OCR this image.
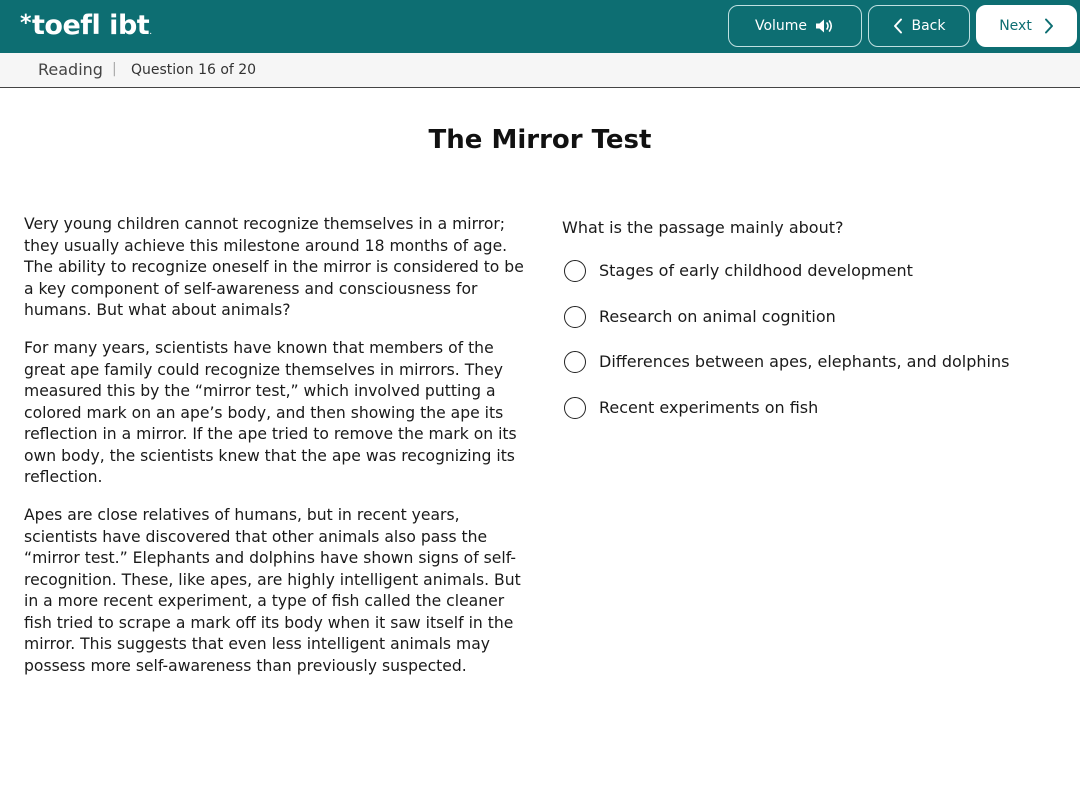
*toefl ibt.	Volume	Back	Next
Reading | Question 16 of 20
The Mirror Test

Very young children cannot recognize themselves in a mirror; they usually achieve this milestone around 18 months of age. The ability to recognize oneself in the mirror is considered to be a key component of self-awareness and consciousness for humans. But what about animals?

For many years, scientists have known that members of the great ape family could recognize themselves in mirrors. They measured this by the “mirror test,” which involved putting a colored mark on an ape’s body, and then showing the ape its reflection in a mirror. If the ape tried to remove the mark on its own body, the scientists knew that the ape was recognizing its reflection.

Apes are close relatives of humans, but in recent years, scientists have discovered that other animals also pass the “mirror test.” Elephants and dolphins have shown signs of self-recognition. These, like apes, are highly intelligent animals. But in a more recent experiment, a type of fish called the cleaner fish tried to scrape a mark off its body when it saw itself in the mirror. This suggests that even less intelligent animals may possess more self-awareness than previously suspected.

What is the passage mainly about?
Stages of early childhood development
Research on animal cognition
Differences between apes, elephants, and dolphins
Recent experiments on fish
